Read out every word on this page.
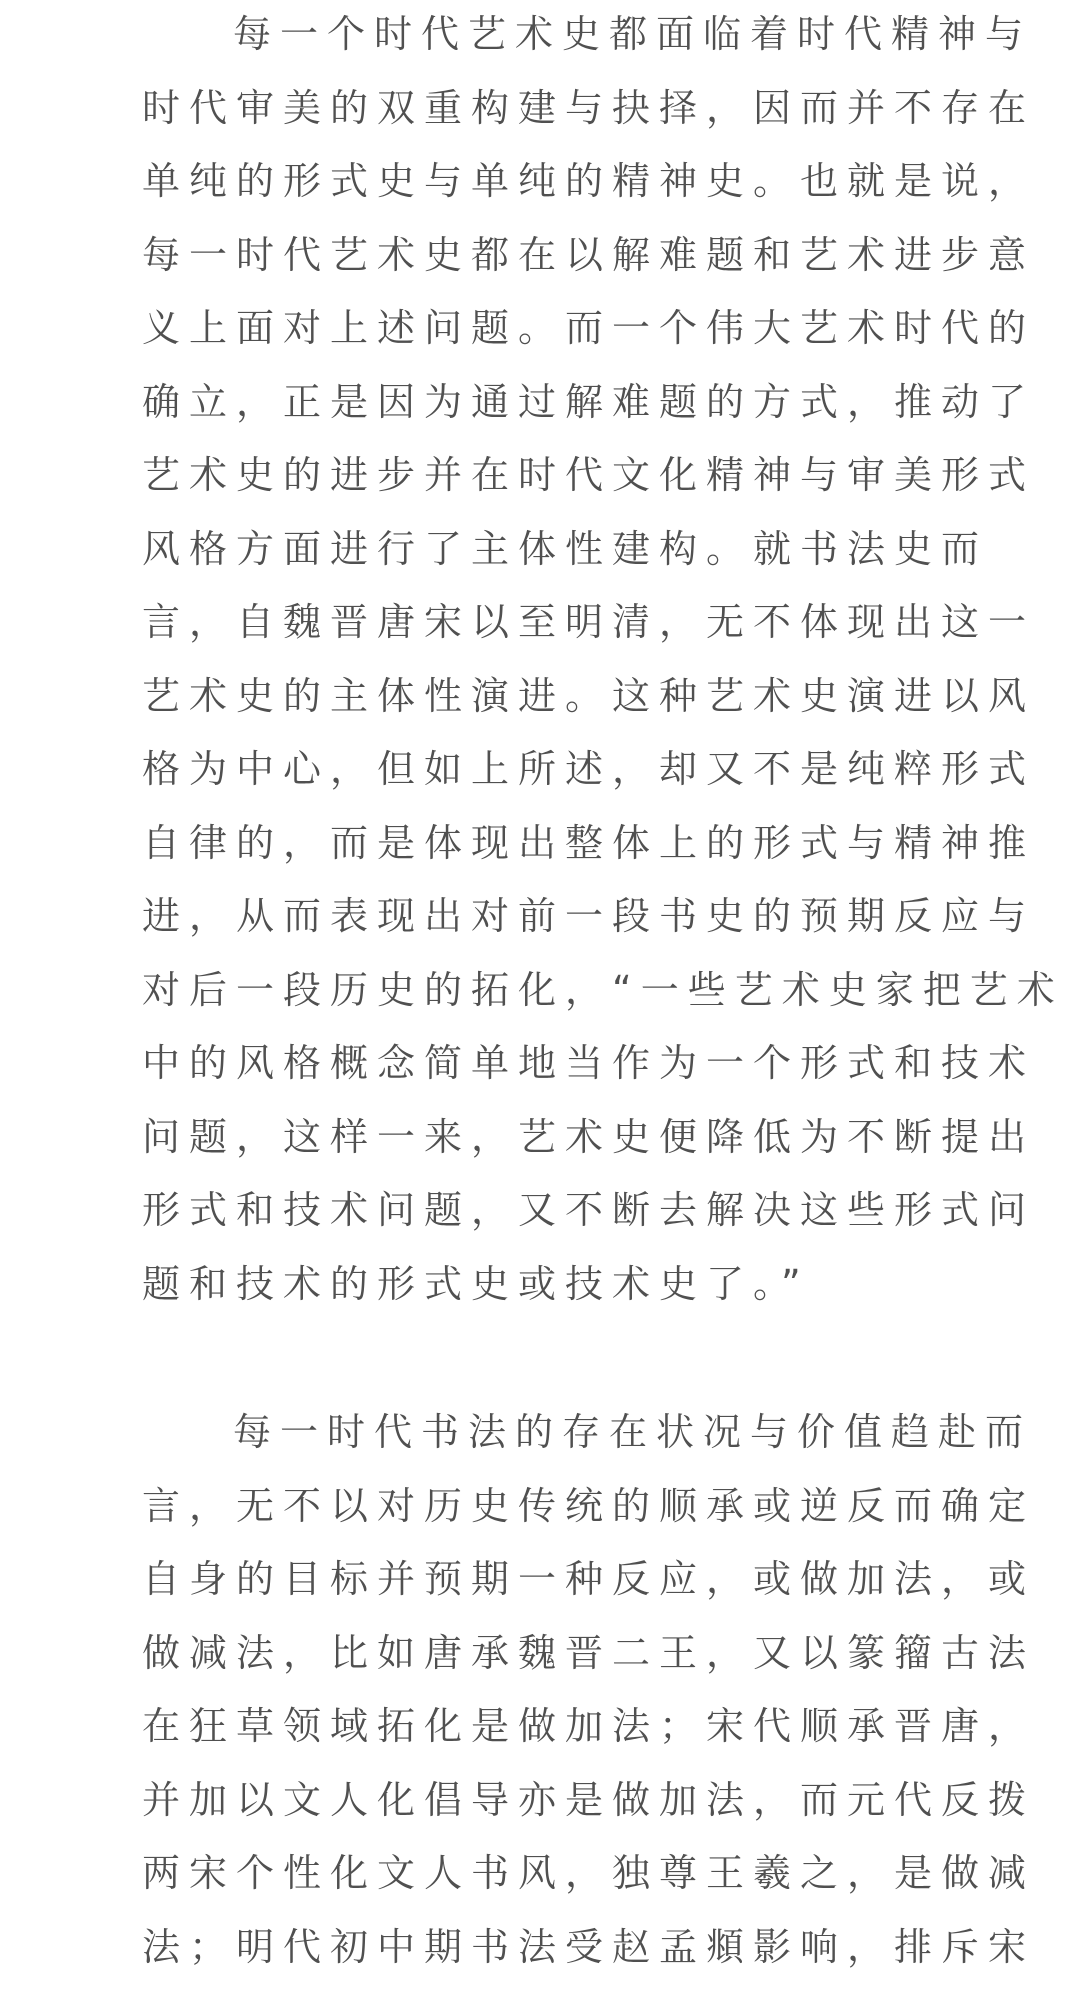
每一个时代艺术史都面临着时代精神与
时代审美的双重构建与抉择，因而并不存在
单纯的形式史与单纯的精神史。也就是说，
每一时代艺术史都在以解难题和艺术进步意
义上面对上述问题。而一个伟大艺术时代的
确立，正是因为通过解难题的方式，推动了
艺术史的进步并在时代文化精神与审美形式
风格方面进行了主体性建构。就书法史而
言，自魏晋唐宋以至明清，无不体现出这一
艺术史的主体性演进。这种艺术史演进以风
格为中心，但如上所述，却又不是纯粹形式
自律的，而是体现出整体上的形式与精神推
进，从而表现出对前一段书史的预期反应与
对后一段历史的拓化，“一些艺术史家把艺术
中的风格概念简单地当作为一个形式和技术
问题，这样一来，艺术史便降低为不断提出
形式和技术问题，又不断去解决这些形式问
题和技术的形式史或技术史了。”
每一时代书法的存在状况与价值趋赴而
言，无不以对历史传统的顺承或逆反而确定
自身的目标并预期一种反应，或做加法，或
做减法，比如唐承魏晋二王，又以篆籀古法
在狂草领域拓化是做加法；宋代顺承晋唐，
并加以文人化倡导亦是做加法，而元代反拨
两宋个性化文人书风，独尊王羲之，是做减
法；明代初中期书法受赵孟頫影响，排斥宋
